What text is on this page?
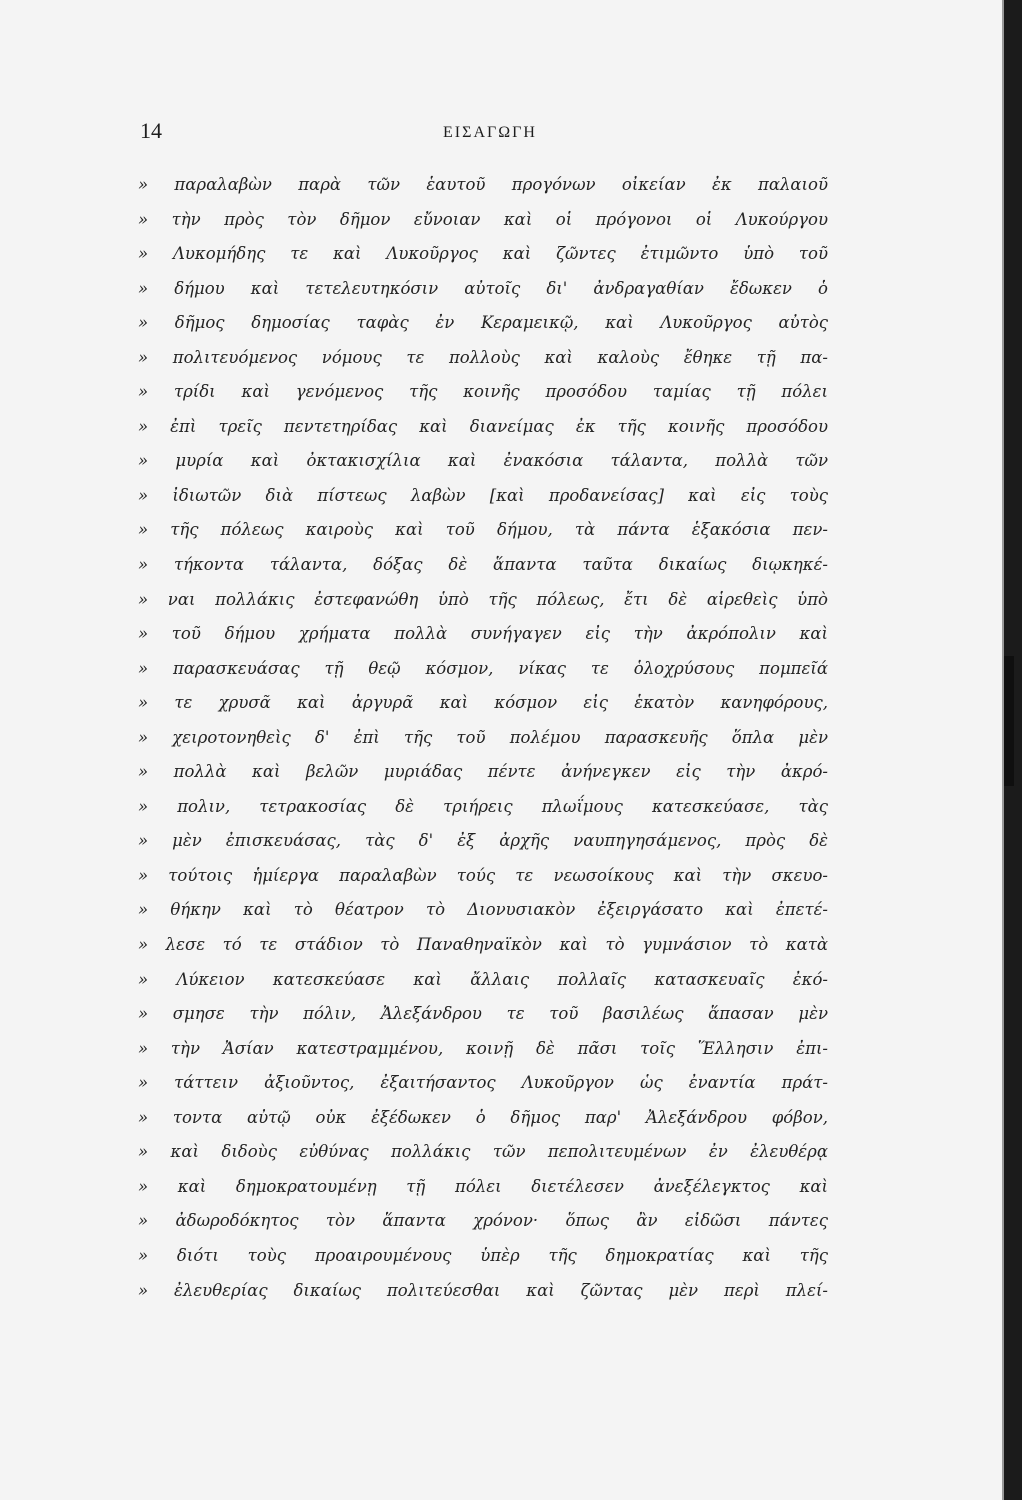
14	ΕΙΣΑΓΩΓΗ
» παραλαβὼν παρὰ τῶν ἑαυτοῦ προγόνων οἰκείαν ἐκ παλαιοῦ
» τὴν πρὸς τὸν δῆμον εὔνοιαν καὶ οἱ πρόγονοι οἱ Λυκούργου
» Λυκομήδης τε καὶ Λυκοῦργος καὶ ζῶντες ἐτιμῶντο ὑπὸ τοῦ
» δήμου καὶ τετελευτηκόσιν αὐτοῖς δι' ἀνδραγαθίαν ἔδωκεν ὁ
» δῆμος δημοσίας ταφὰς ἐν Κεραμεικῷ, καὶ Λυκοῦργος αὐτὸς
» πολιτευόμενος νόμους τε πολλοὺς καὶ καλοὺς ἔθηκε τῇ πα-
» τρίδι καὶ γενόμενος τῆς κοινῆς προσόδου ταμίας τῇ πόλει
» ἐπὶ τρεῖς πεντετηρίδας καὶ διανείμας ἐκ τῆς κοινῆς προσόδου
» μυρία καὶ ὀκτακισχίλια καὶ ἐνακόσια τάλαντα, πολλὰ τῶν
» ἰδιωτῶν διὰ πίστεως λαβὼν [καὶ προδανείσας] καὶ εἰς τοὺς
» τῆς πόλεως καιροὺς καὶ τοῦ δήμου, τὰ πάντα ἑξακόσια πεν-
» τήκοντα τάλαντα, δόξας δὲ ἅπαντα ταῦτα δικαίως διῳκηκέ-
» ναι πολλάκις ἐστεφανώθη ὑπὸ τῆς πόλεως, ἔτι δὲ αἱρεθεὶς ὑπὸ
» τοῦ δήμου χρήματα πολλὰ συνήγαγεν εἰς τὴν ἀκρόπολιν καὶ
» παρασκευάσας τῇ θεῷ κόσμον, νίκας τε ὁλοχρύσους πομπεῖά
» τε χρυσᾶ καὶ ἀργυρᾶ καὶ κόσμον εἰς ἑκατὸν κανηφόρους,
» χειροτονηθεὶς δ' ἐπὶ τῆς τοῦ πολέμου παρασκευῆς ὅπλα μὲν
» πολλὰ καὶ βελῶν μυριάδας πέντε ἀνήνεγκεν εἰς τὴν ἀκρό-
» πολιν, τετρακοσίας δὲ τριήρεις πλωΐμους κατεσκεύασε, τὰς
» μὲν ἐπισκευάσας, τὰς δ' ἐξ ἀρχῆς ναυπηγησάμενος, πρὸς δὲ
» τούτοις ἡμίεργα παραλαβὼν τούς τε νεωσοίκους καὶ τὴν σκευο-
» θήκην καὶ τὸ θέατρον τὸ Διονυσιακὸν ἐξειργάσατο καὶ ἐπετέ-
» λεσε τό τε στάδιον τὸ Παναθηναϊκὸν καὶ τὸ γυμνάσιον τὸ κατὰ
» Λύκειον κατεσκεύασε καὶ ἄλλαις πολλαῖς κατασκευαῖς ἐκό-
» σμησε τὴν πόλιν, Ἀλεξάνδρου τε τοῦ βασιλέως ἅπασαν μὲν
» τὴν Ἀσίαν κατεστραμμένου, κοινῇ δὲ πᾶσι τοῖς Ἕλλησιν ἐπι-
» τάττειν ἀξιοῦντος, ἐξαιτήσαντος Λυκοῦργον ὡς ἐναντία πράτ-
» τοντα αὐτῷ οὐκ ἐξέδωκεν ὁ δῆμος παρ' Ἀλεξάνδρου φόβον,
» καὶ διδοὺς εὐθύνας πολλάκις τῶν πεπολιτευμένων ἐν ἐλευθέρᾳ
» καὶ δημοκρατουμένῃ τῇ πόλει διετέλεσεν ἀνεξέλεγκτος καὶ
» ἀδωροδόκητος τὸν ἅπαντα χρόνον· ὅπως ἂν εἰδῶσι πάντες
» διότι τοὺς προαιρουμένους ὑπὲρ τῆς δημοκρατίας καὶ τῆς
» ἐλευθερίας δικαίως πολιτεύεσθαι καὶ ζῶντας μὲν περὶ πλεί-
